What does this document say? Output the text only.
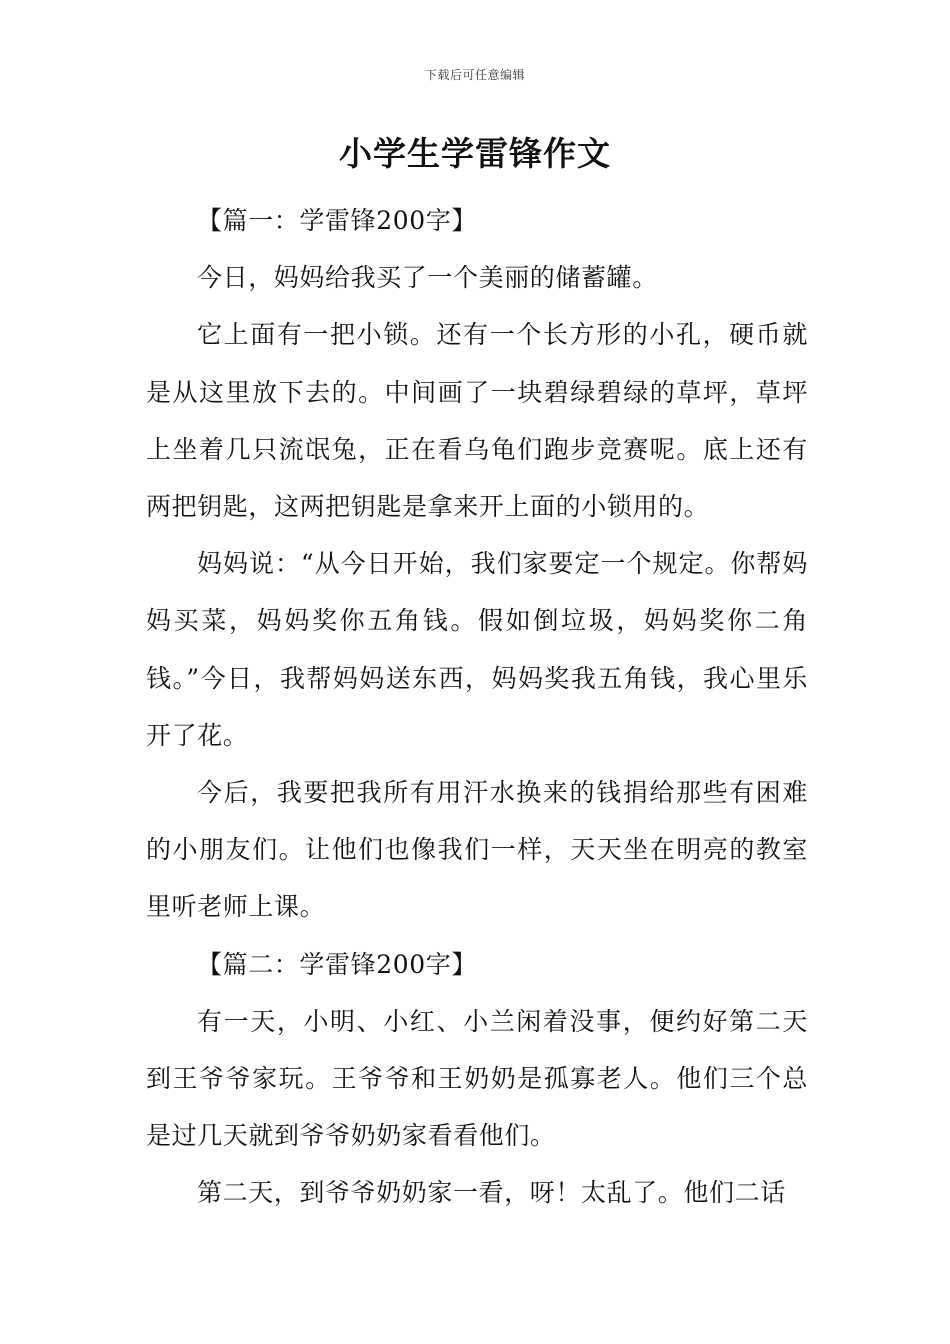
下载后可任意编辑
小学生学雷锋作文

【篇一：学雷锋200字】

今日，妈妈给我买了一个美丽的储蓄罐。

它上面有一把小锁。还有一个长方形的小孔，硬币就是从这里放下去的。中间画了一块碧绿碧绿的草坪，草坪上坐着几只流氓兔，正在看乌龟们跑步竞赛呢。底上还有两把钥匙，这两把钥匙是拿来开上面的小锁用的。

妈妈说：“从今日开始，我们家要定一个规定。你帮妈妈买菜，妈妈奖你五角钱。假如倒垃圾，妈妈奖你二角钱。”今日，我帮妈妈送东西，妈妈奖我五角钱，我心里乐开了花。

今后，我要把我所有用汗水换来的钱捐给那些有困难的小朋友们。让他们也像我们一样，天天坐在明亮的教室里听老师上课。

【篇二：学雷锋200字】

有一天，小明、小红、小兰闲着没事，便约好第二天到王爷爷家玩。王爷爷和王奶奶是孤寡老人。他们三个总是过几天就到爷爷奶奶家看看他们。

第二天，到爷爷奶奶家一看，呀！太乱了。他们二话
